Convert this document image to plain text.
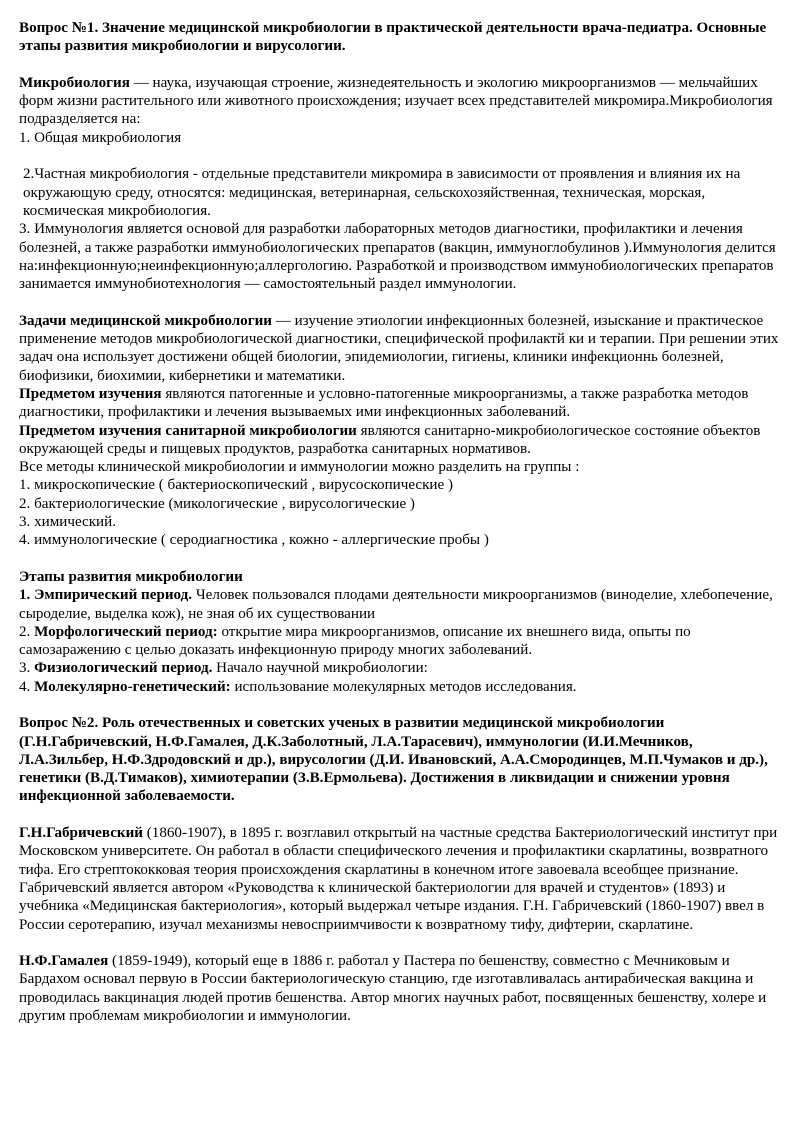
Вопрос №1. Значение медицинской микробиологии в практической деятельности врача-педиатра. Основные этапы развития микробиологии и вирусологии.

Микробиология — наука, изучающая строение, жизнедеятельность и экологию микроорганизмов — мельчайших форм жизни растительного или животного происхождения; изучает всех представителей микромира.Микробиология подразделяется на:

1. Общая микробиология

2.Частная микробиология - отдельные представители микромира в зависимости от проявления и влияния их на окружающую среду, относятся: медицинская, ветеринарная, сельскохозяйственная, техническая, морская, космическая микробиология.

3. Иммунология является основой для разработки лабораторных методов диагностики, профилактики и лечения болезней, а также разработки иммунобиологических препаратов (вакцин, иммуноглобулинов ).Иммунология делится на:инфекционную;неинфекционную;аллергологию. Разработкой и производством иммунобиологических препаратов занимается иммунобиотехнология — самостоятельный раздел иммунологии.

Задачи медицинской микробиологии — изучение этиологии инфекционных болезней, изыскание и практическое применение методов микробиологической диагностики, специфической профилактй ки и терапии. При решении этих задач она использует достижени общей биологии, эпидемиологии, гигиены, клиники инфекционнь болезней, биофизики, биохимии, кибернетики и математики.

Предметом изучения являются патогенные и условно-патогенные микроорганизмы, а также разработка методов диагностики, профилактики и лечения вызываемых ими инфекционных заболеваний.

Предметом изучения санитарной микробиологии являются санитарно-микробиологическое состояние объектов окружающей среды и пищевых продуктов, разработка санитарных нормативов.

Все методы клинической микробиологии и иммунологии можно разделить на группы :

1. микроскопические ( бактериоскопический , вирусоскопические )

2. бактериологические (микологические , вирусологические )

3. химический.

4. иммунологические ( серодиагностика , кожно - аллергические пробы )

Этапы развития микробиологии

1. Эмпирический период. Человек пользовался плодами деятельности микроорганизмов (виноделие, хлебопечение, сыроделие, выделка кож), не зная об их существовании

2. Морфологический период: открытие мира микроорганизмов, описание их внешнего вида, опыты по самозаражению с целью доказать инфекционную природу многих заболеваний.

3. Физиологический период. Начало научной микробиологии:

4. Молекулярно-генетический: использование молекулярных методов исследования.

Вопрос №2. Роль отечественных и советских ученых в развитии медицинской микробиологии (Г.Н.Габричевский, Н.Ф.Гамалея, Д.К.Заболотный, Л.А.Тарасевич), иммунологии (И.И.Мечников, Л.А.Зильбер, Н.Ф.Здродовский и др.), вирусологии (Д.И. Ивановский, А.А.Смородинцев, М.П.Чумаков и др.), генетики (В.Д.Тимаков), химиотерапии (З.В.Ермольева). Достижения в ликвидации и снижении уровня инфекционной заболеваемости.

Г.Н.Габричевский (1860-1907), в 1895 г. возглавил открытый на частные средства Бактериологический институт при Московском университете. Он работал в области специфического лечения и профилактики скарлатины, возвратного тифа. Его стрептококковая теория происхождения скарлатины в конечном итоге завоевала всеобщее признание. Габричевский является автором «Руководства к клинической бактериологии для врачей и студентов» (1893) и учебника «Медицинская бактериология», который выдержал четыре издания. Г.Н. Габричевский (1860-1907) ввел в России серотерапию, изучал механизмы невосприимчивости к возвратному тифу, дифтерии, скарлатине.

Н.Ф.Гамалея (1859-1949), который еще в 1886 г. работал у Пастера по бешенству, совместно с Мечниковым и Бардахом основал первую в России бактериологическую станцию, где изготавливалась антирабическая вакцина и проводилась вакцинация людей против бешенства. Автор многих научных работ, посвященных бешенству, холере и другим проблемам микробиологии и иммунологии.
